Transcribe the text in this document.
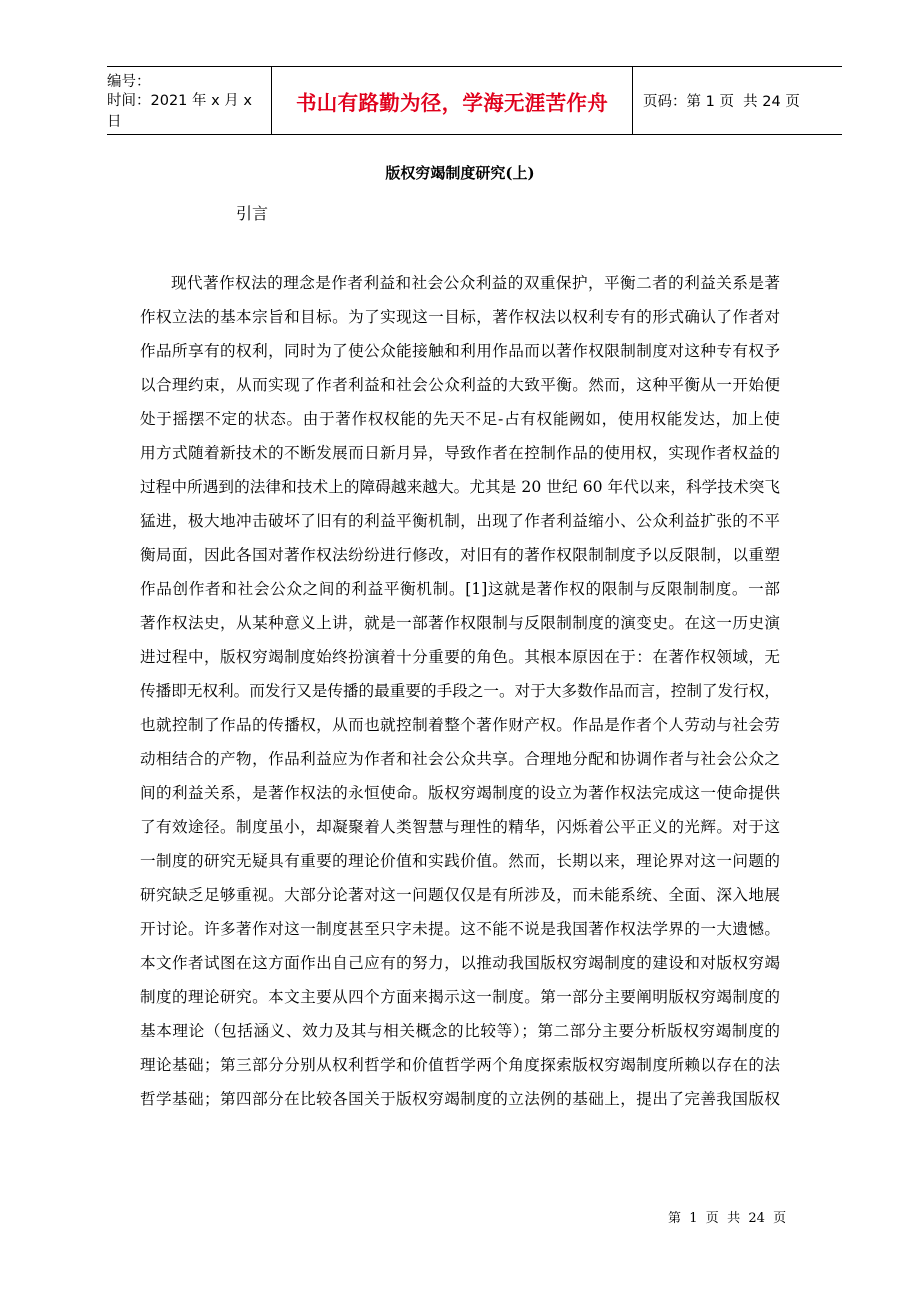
编号：
时间：2021 年 x 月 x 日
书山有路勤为径，学海无涯苦作舟 页码：第 1 页  共 24 页
版权穷竭制度研究(上)
引言
现代著作权法的理念是作者利益和社会公众利益的双重保护，平衡二者的利益关系是著
作权立法的基本宗旨和目标。为了实现这一目标，著作权法以权利专有的形式确认了作者对
作品所享有的权利，同时为了使公众能接触和利用作品而以著作权限制制度对这种专有权予
以合理约束，从而实现了作者利益和社会公众利益的大致平衡。然而，这种平衡从一开始便
处于摇摆不定的状态。由于著作权权能的先天不足-占有权能阙如，使用权能发达，加上使
用方式随着新技术的不断发展而日新月异，导致作者在控制作品的使用权，实现作者权益的
过程中所遇到的法律和技术上的障碍越来越大。尤其是 20 世纪 60 年代以来，科学技术突飞
猛进，极大地冲击破坏了旧有的利益平衡机制，出现了作者利益缩小、公众利益扩张的不平
衡局面，因此各国对著作权法纷纷进行修改，对旧有的著作权限制制度予以反限制，以重塑
作品创作者和社会公众之间的利益平衡机制。[1]这就是著作权的限制与反限制制度。一部
著作权法史，从某种意义上讲，就是一部著作权限制与反限制制度的演变史。在这一历史演
进过程中，版权穷竭制度始终扮演着十分重要的角色。其根本原因在于：在著作权领域，无
传播即无权利。而发行又是传播的最重要的手段之一。对于大多数作品而言，控制了发行权，
也就控制了作品的传播权，从而也就控制着整个著作财产权。作品是作者个人劳动与社会劳
动相结合的产物，作品利益应为作者和社会公众共享。合理地分配和协调作者与社会公众之
间的利益关系，是著作权法的永恒使命。版权穷竭制度的设立为著作权法完成这一使命提供
了有效途径。制度虽小，却凝聚着人类智慧与理性的精华，闪烁着公平正义的光辉。对于这
一制度的研究无疑具有重要的理论价值和实践价值。然而，长期以来，理论界对这一问题的
研究缺乏足够重视。大部分论著对这一问题仅仅是有所涉及，而未能系统、全面、深入地展
开讨论。许多著作对这一制度甚至只字未提。这不能不说是我国著作权法学界的一大遗憾。
本文作者试图在这方面作出自己应有的努力，以推动我国版权穷竭制度的建设和对版权穷竭
制度的理论研究。本文主要从四个方面来揭示这一制度。第一部分主要阐明版权穷竭制度的
基本理论（包括涵义、效力及其与相关概念的比较等）；第二部分主要分析版权穷竭制度的
理论基础；第三部分分别从权利哲学和价值哲学两个角度探索版权穷竭制度所赖以存在的法
哲学基础；第四部分在比较各国关于版权穷竭制度的立法例的基础上，提出了完善我国版权
第  1  页  共  24  页
